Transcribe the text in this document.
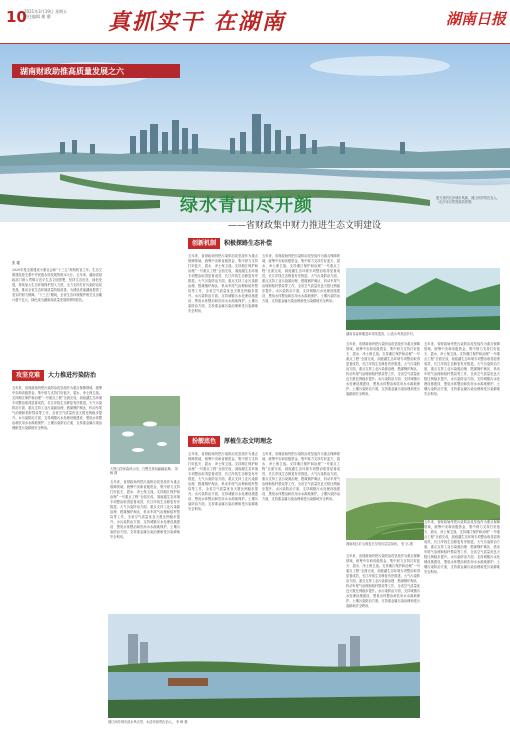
10
2021年3月19日 星期五
责任编辑 湘 潮	真抓实干 在湖南	湖南日报
湖南财政助推高质量发展之六
夏天里的长沙城市风貌，湘江两岸景色宜人。（长沙市自然资源局供图）
绿水青山尽开颜
——省财政集中财力推进生态文明建设
张 耀
2020年是全面建成小康社会和“十三五”规划收官之年。生态文明建设是关系中华民族永续发展的根本大计。五年来，湖南省财政部门深入贯彻习近平生态文明思想，坚持生态优先、绿色发展，持续加大生态环境保护投入力度，全力支持打好污染防治攻坚战，推动全省生态环境质量持续改善，为建设美丽湖南提供了坚实的财力保障。“十三五”期间，全省生态环境保护相关支出累计超千亿元，绿色成为湖南高质量发展的鲜明底色。
攻坚克难	大力推进污染防治
五年来，省财政始终把污染防治攻坚战作为重点保障领域，统筹中央和省级资金，集中财力支持打好蓝天、碧水、净土保卫战。支持湘江保护和治理“一号重点工程”全面完成，洞庭湖生态环境专项整治取得显著成效，长江岸线生态修复有序推进。大气污染防治方面，重点支持工业污染源治理、燃煤锅炉淘汰、机动车尾气治理和秸秆禁烧等工作，全省空气质量优良天数比例稳步提升。水污染防治方面，支持城镇污水处理设施建设、黑臭水体整治和饮用水水源地保护。土壤污染防治方面，支持重金属污染治理和受污染耕地安全利用。
大围山国家森林公园，白鹭在林间翩翩起舞。 刘 畅 摄
五年来，省财政始终把污染防治攻坚战作为重点保障领域，统筹中央和省级资金，集中财力支持打好蓝天、碧水、净土保卫战。支持湘江保护和治理“一号重点工程”全面完成，洞庭湖生态环境专项整治取得显著成效，长江岸线生态修复有序推进。大气污染防治方面，重点支持工业污染源治理、燃煤锅炉淘汰、机动车尾气治理和秸秆禁烧等工作，全省空气质量优良天数比例稳步提升。水污染防治方面，支持城镇污水处理设施建设、黑臭水体整治和饮用水水源地保护。土壤污染防治方面，支持重金属污染治理和受污染耕地安全利用。
创新机制	积极探路生态补偿
五年来，省财政始终把污染防治攻坚战作为重点保障领域，统筹中央和省级资金，集中财力支持打好蓝天、碧水、净土保卫战。支持湘江保护和治理“一号重点工程”全面完成，洞庭湖生态环境专项整治取得显著成效，长江岸线生态修复有序推进。大气污染防治方面，重点支持工业污染源治理、燃煤锅炉淘汰、机动车尾气治理和秸秆禁烧等工作，全省空气质量优良天数比例稳步提升。水污染防治方面，支持城镇污水处理设施建设、黑臭水体整治和饮用水水源地保护。土壤污染防治方面，支持重金属污染治理和受污染耕地安全利用。
五年来，省财政始终把污染防治攻坚战作为重点保障领域，统筹中央和省级资金，集中财力支持打好蓝天、碧水、净土保卫战。支持湘江保护和治理“一号重点工程”全面完成，洞庭湖生态环境专项整治取得显著成效，长江岸线生态修复有序推进。大气污染防治方面，重点支持工业污染源治理、燃煤锅炉淘汰、机动车尾气治理和秸秆禁烧等工作，全省空气质量优良天数比例稳步提升。水污染防治方面，支持城镇污水处理设施建设、黑臭水体整治和饮用水水源地保护。土壤污染防治方面，支持重金属污染治理和受污染耕地安全利用。
扮靓底色	厚植生态文明理念
五年来，省财政始终把污染防治攻坚战作为重点保障领域，统筹中央和省级资金，集中财力支持打好蓝天、碧水、净土保卫战。支持湘江保护和治理“一号重点工程”全面完成，洞庭湖生态环境专项整治取得显著成效，长江岸线生态修复有序推进。大气污染防治方面，重点支持工业污染源治理、燃煤锅炉淘汰、机动车尾气治理和秸秆禁烧等工作，全省空气质量优良天数比例稳步提升。水污染防治方面，支持城镇污水处理设施建设、黑臭水体整治和饮用水水源地保护。土壤污染防治方面，支持重金属污染治理和受污染耕地安全利用。
五年来，省财政始终把污染防治攻坚战作为重点保障领域，统筹中央和省级资金，集中财力支持打好蓝天、碧水、净土保卫战。支持湘江保护和治理“一号重点工程”全面完成，洞庭湖生态环境专项整治取得显著成效，长江岸线生态修复有序推进。大气污染防治方面，重点支持工业污染源治理、燃煤锅炉淘汰、机动车尾气治理和秸秆禁烧等工作，全省空气质量优良天数比例稳步提升。水污染防治方面，支持城镇污水处理设施建设、黑臭水体整治和饮用水水源地保护。土壤污染防治方面，支持重金属污染治理和受污染耕地安全利用。
湖南省森林覆盖率持续提高，山清水秀美丽乡村。
五年来，省财政始终把污染防治攻坚战作为重点保障领域，统筹中央和省级资金，集中财力支持打好蓝天、碧水、净土保卫战。支持湘江保护和治理“一号重点工程”全面完成，洞庭湖生态环境专项整治取得显著成效，长江岸线生态修复有序推进。大气污染防治方面，重点支持工业污染源治理、燃煤锅炉淘汰、机动车尾气治理和秸秆禁烧等工作，全省空气质量优良天数比例稳步提升。水污染防治方面，支持城镇污水处理设施建设、黑臭水体整治和饮用水水源地保护。土壤污染防治方面，支持重金属污染治理和受污染耕地安全利用。
五年来，省财政始终把污染防治攻坚战作为重点保障领域，统筹中央和省级资金，集中财力支持打好蓝天、碧水、净土保卫战。支持湘江保护和治理“一号重点工程”全面完成，洞庭湖生态环境专项整治取得显著成效，长江岸线生态修复有序推进。大气污染防治方面，重点支持工业污染源治理、燃煤锅炉淘汰、机动车尾气治理和秸秆禁烧等工作，全省空气质量优良天数比例稳步提升。水污染防治方面，支持城镇污水处理设施建设、黑臭水体整治和饮用水水源地保护。土壤污染防治方面，支持重金属污染治理和受污染耕地安全利用。
湘南地区矿山修复后呈现出层层绿意。 张 运 摄
五年来，省财政始终把污染防治攻坚战作为重点保障领域，统筹中央和省级资金，集中财力支持打好蓝天、碧水、净土保卫战。支持湘江保护和治理“一号重点工程”全面完成，洞庭湖生态环境专项整治取得显著成效，长江岸线生态修复有序推进。大气污染防治方面，重点支持工业污染源治理、燃煤锅炉淘汰、机动车尾气治理和秸秆禁烧等工作，全省空气质量优良天数比例稳步提升。水污染防治方面，支持城镇污水处理设施建设、黑臭水体整治和饮用水水源地保护。土壤污染防治方面，支持重金属污染治理和受污染耕地安全利用。
五年来，省财政始终把污染防治攻坚战作为重点保障领域，统筹中央和省级资金，集中财力支持打好蓝天、碧水、净土保卫战。支持湘江保护和治理“一号重点工程”全面完成，洞庭湖生态环境专项整治取得显著成效，长江岸线生态修复有序推进。大气污染防治方面，重点支持工业污染源治理、燃煤锅炉淘汰、机动车尾气治理和秸秆禁烧等工作，全省空气质量优良天数比例稳步提升。水污染防治方面，支持城镇污水处理设施建设、黑臭水体整治和饮用水水源地保护。土壤污染防治方面，支持重金属污染治理和受污染耕地安全利用。
湘江两岸城市滨水风光带，水清岸绿景色怡人。 李 峰 摄
